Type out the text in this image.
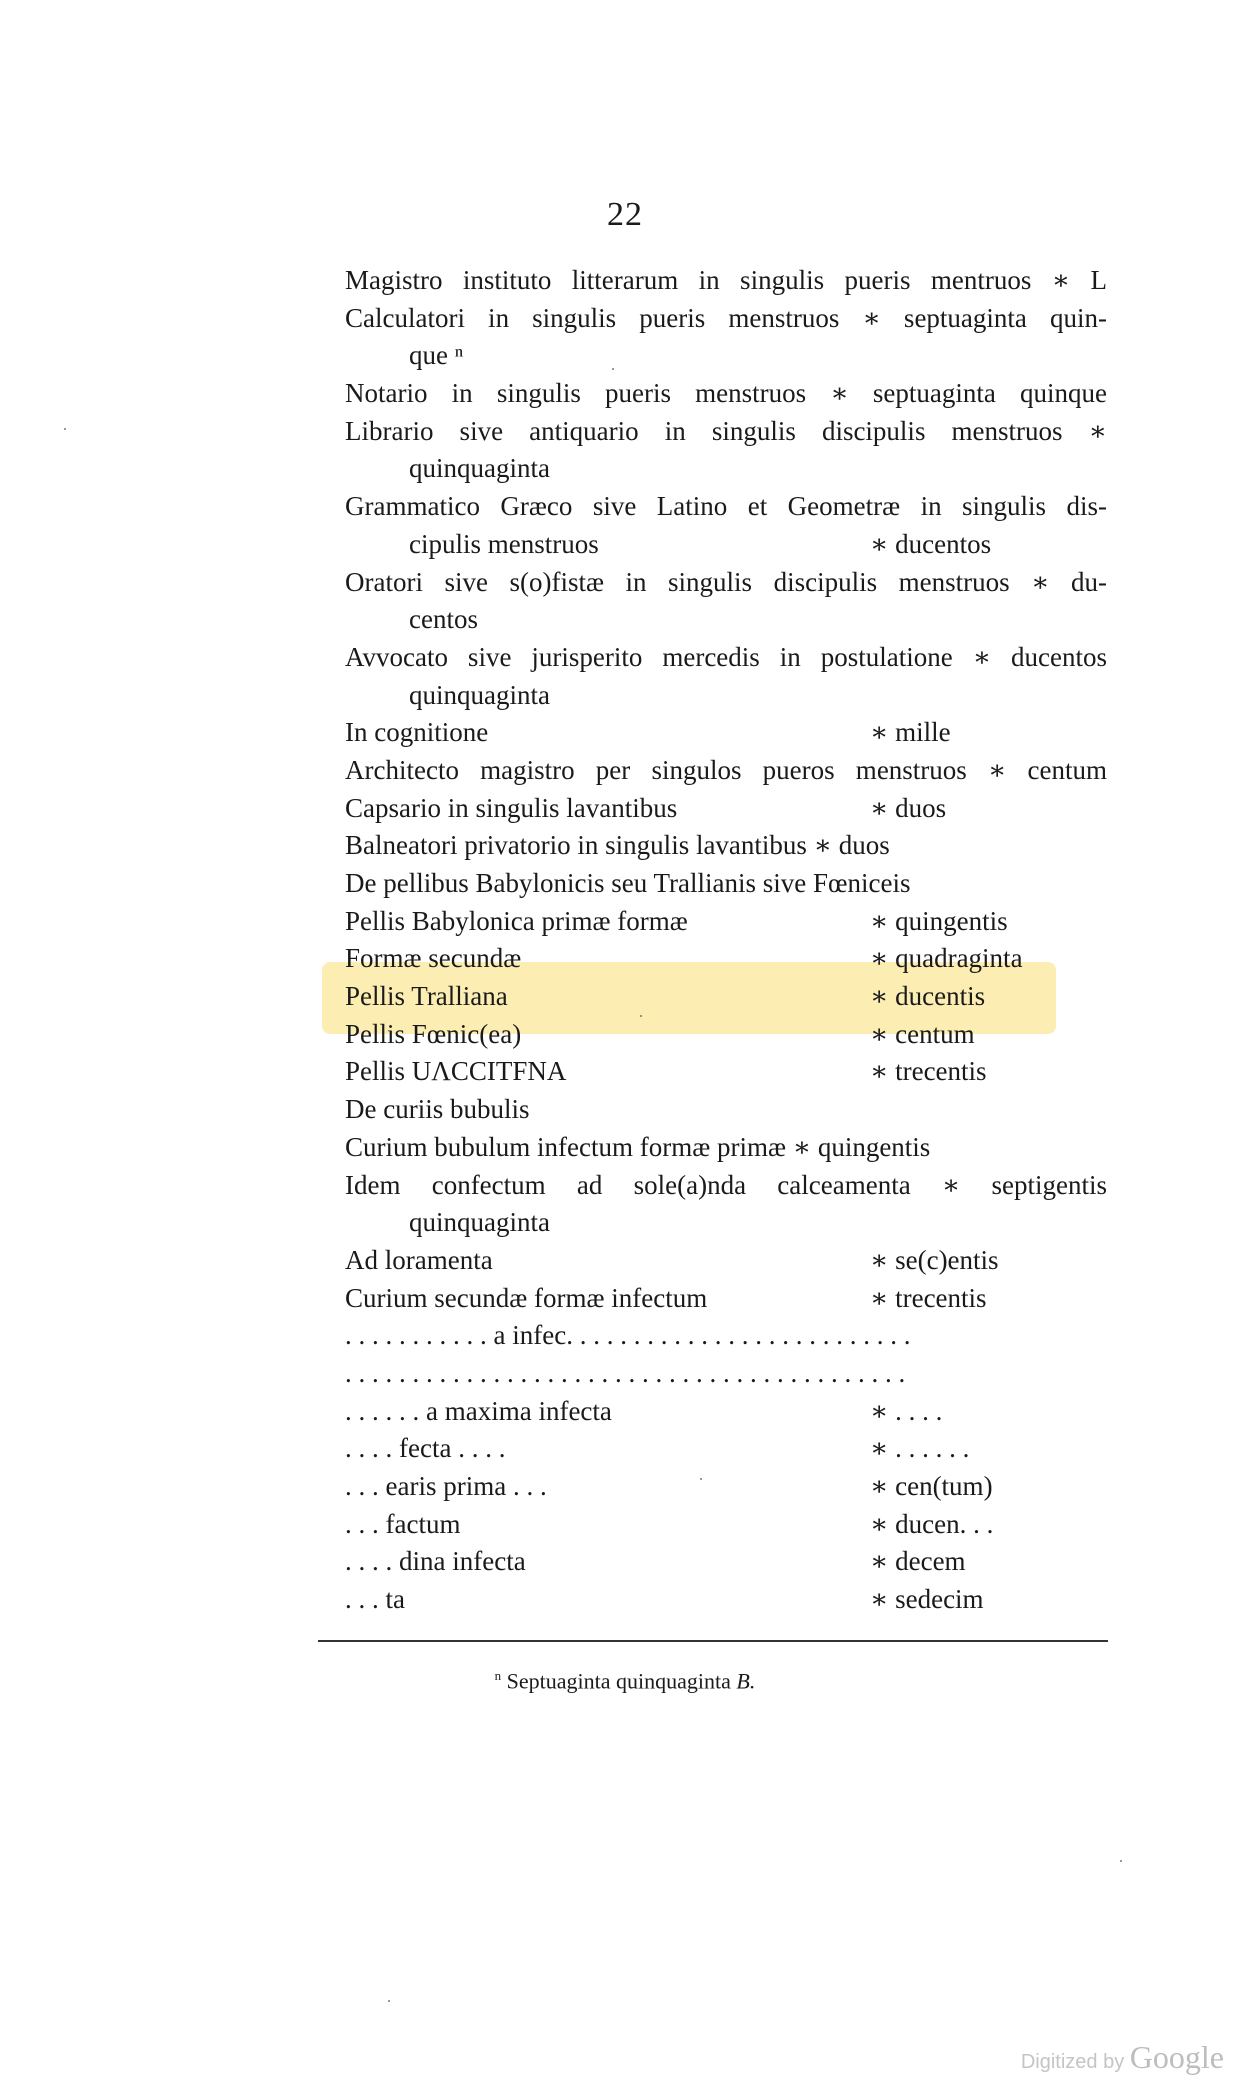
22
Magistro instituto litterarum in singulis pueris mentruos ∗ L
Calculatori in singulis pueris menstruos ∗ septuaginta quin-
que ⁿ
Notario in singulis pueris menstruos ∗ septuaginta quinque
Librario sive antiquario in singulis discipulis menstruos ∗
quinquaginta
Grammatico Græco sive Latino et Geometræ in singulis dis-
cipulis menstruos	∗ ducentos
Oratori sive s(o)fistæ in singulis discipulis menstruos ∗ du-
centos
Avvocato sive jurisperito mercedis in postulatione ∗ ducentos
quinquaginta
In cognitione	∗ mille
Architecto magistro per singulos pueros menstruos ∗ centum
Capsario in singulis lavantibus	∗ duos
Balneatori privatorio in singulis lavantibus ∗ duos
De pellibus Babylonicis seu Trallianis sive Fœniceis
Pellis Babylonica primæ formæ	∗ quingentis
Formæ secundæ	∗ quadraginta
Pellis Tralliana	∗ ducentis
Pellis Fœnic(ea)	∗ centum
Pellis UΛCCITFNA	∗ trecentis
De curiis bubulis
Curium bubulum infectum formæ primæ ∗ quingentis
Idem confectum ad sole(a)nda calceamenta ∗ septigentis
quinquaginta
Ad loramenta	∗ se(c)entis
Curium secundæ formæ infectum	∗ trecentis
. . . . . . . . . . . a infec. . . . . . . . . . . . . . . . . . . . . . . . . .
. . . . . . . . . . . . . . . . . . . . . . . . . . . . . . . . . . . . . . . . . .
. . . . . . a maxima infecta	∗ . . . .
. . . . fecta . . . .	∗ . . . . . .
. . . earis prima . . .	∗ cen(tum)
. . . factum	∗ ducen. . .
. . . . dina infecta	∗ decem
. . . ta	∗ sedecim
$^n$ Septuaginta quinquaginta B.
Digitized by Google
